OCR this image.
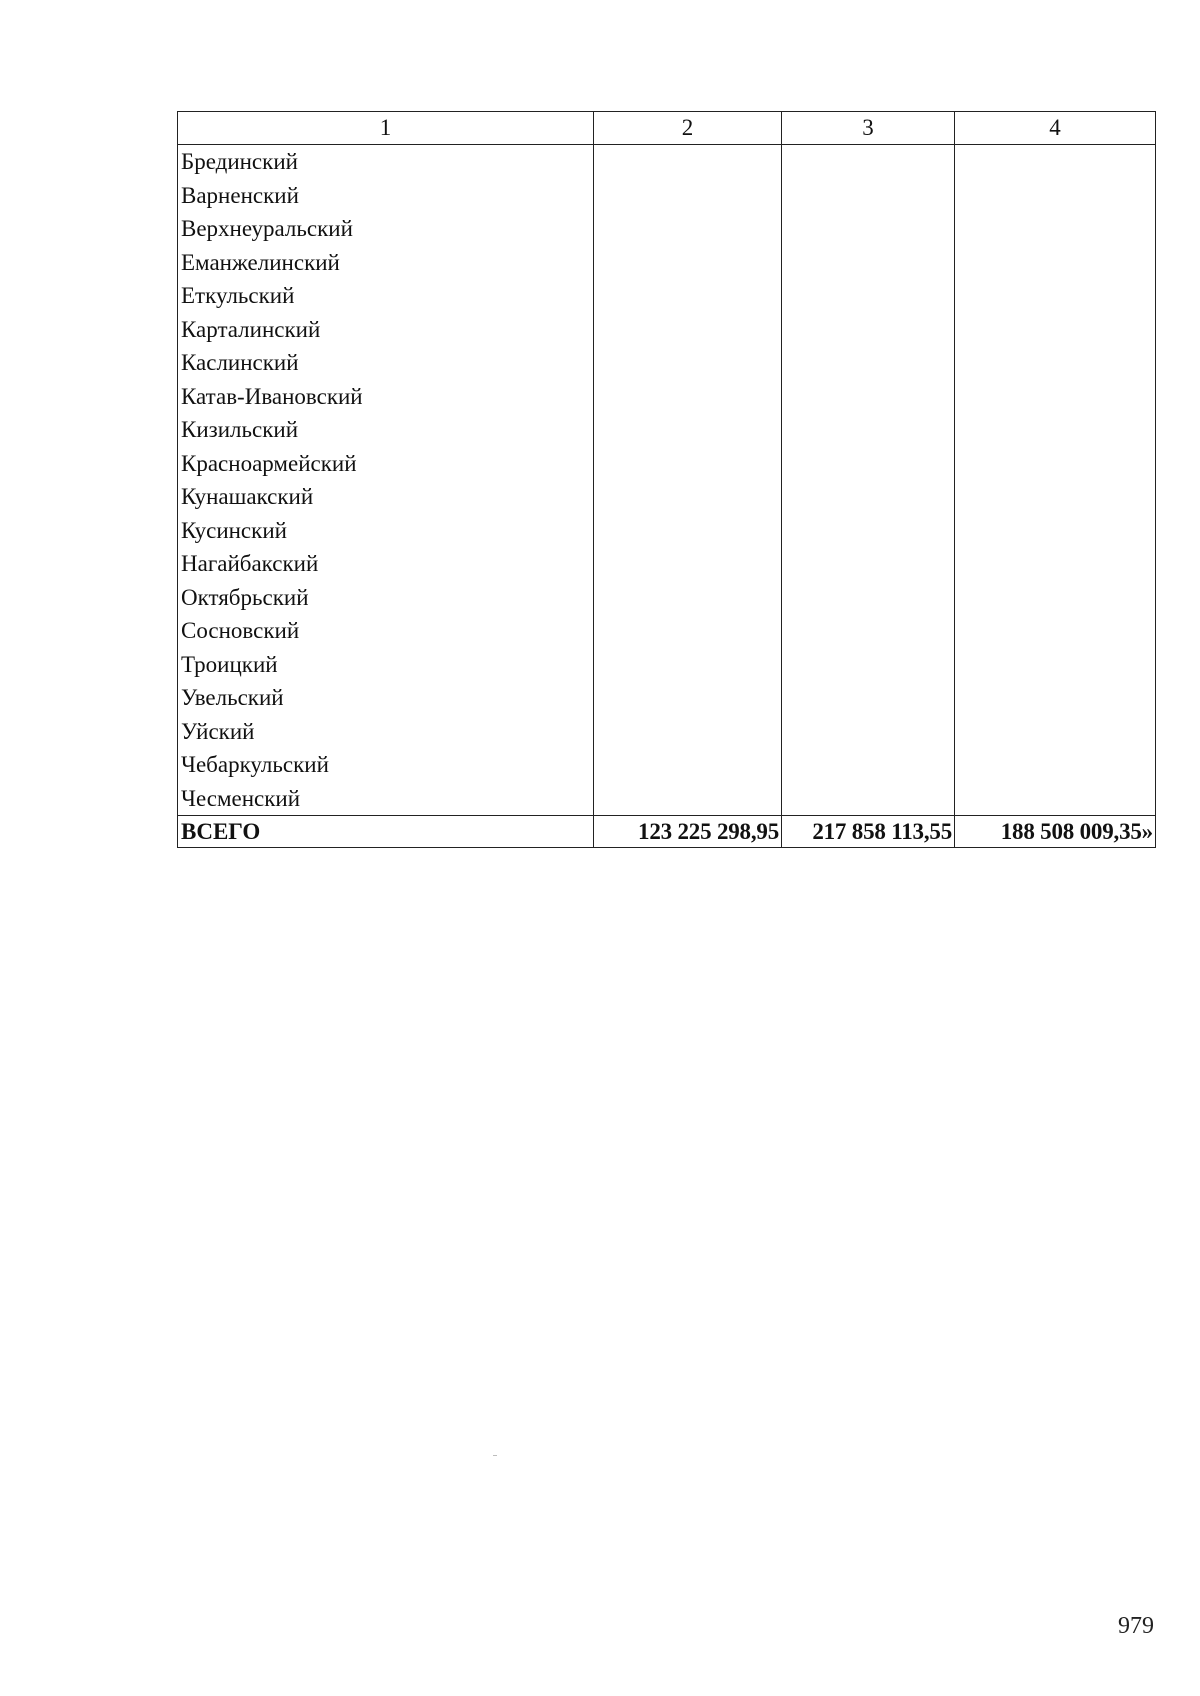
1	2	3	4
Брединский			
Варненский			
Верхнеуральский			
Еманжелинский			
Еткульский			
Карталинский			
Каслинский			
Катав-Ивановский			
Кизильский			
Красноармейский			
Кунашакский			
Кусинский			
Нагайбакский			
Октябрьский			
Сосновский			
Троицкий			
Увельский			
Уйский			
Чебаркульский			
Чесменский			
ВСЕГО	123 225 298,95	217 858 113,55	188 508 009,35»
979
